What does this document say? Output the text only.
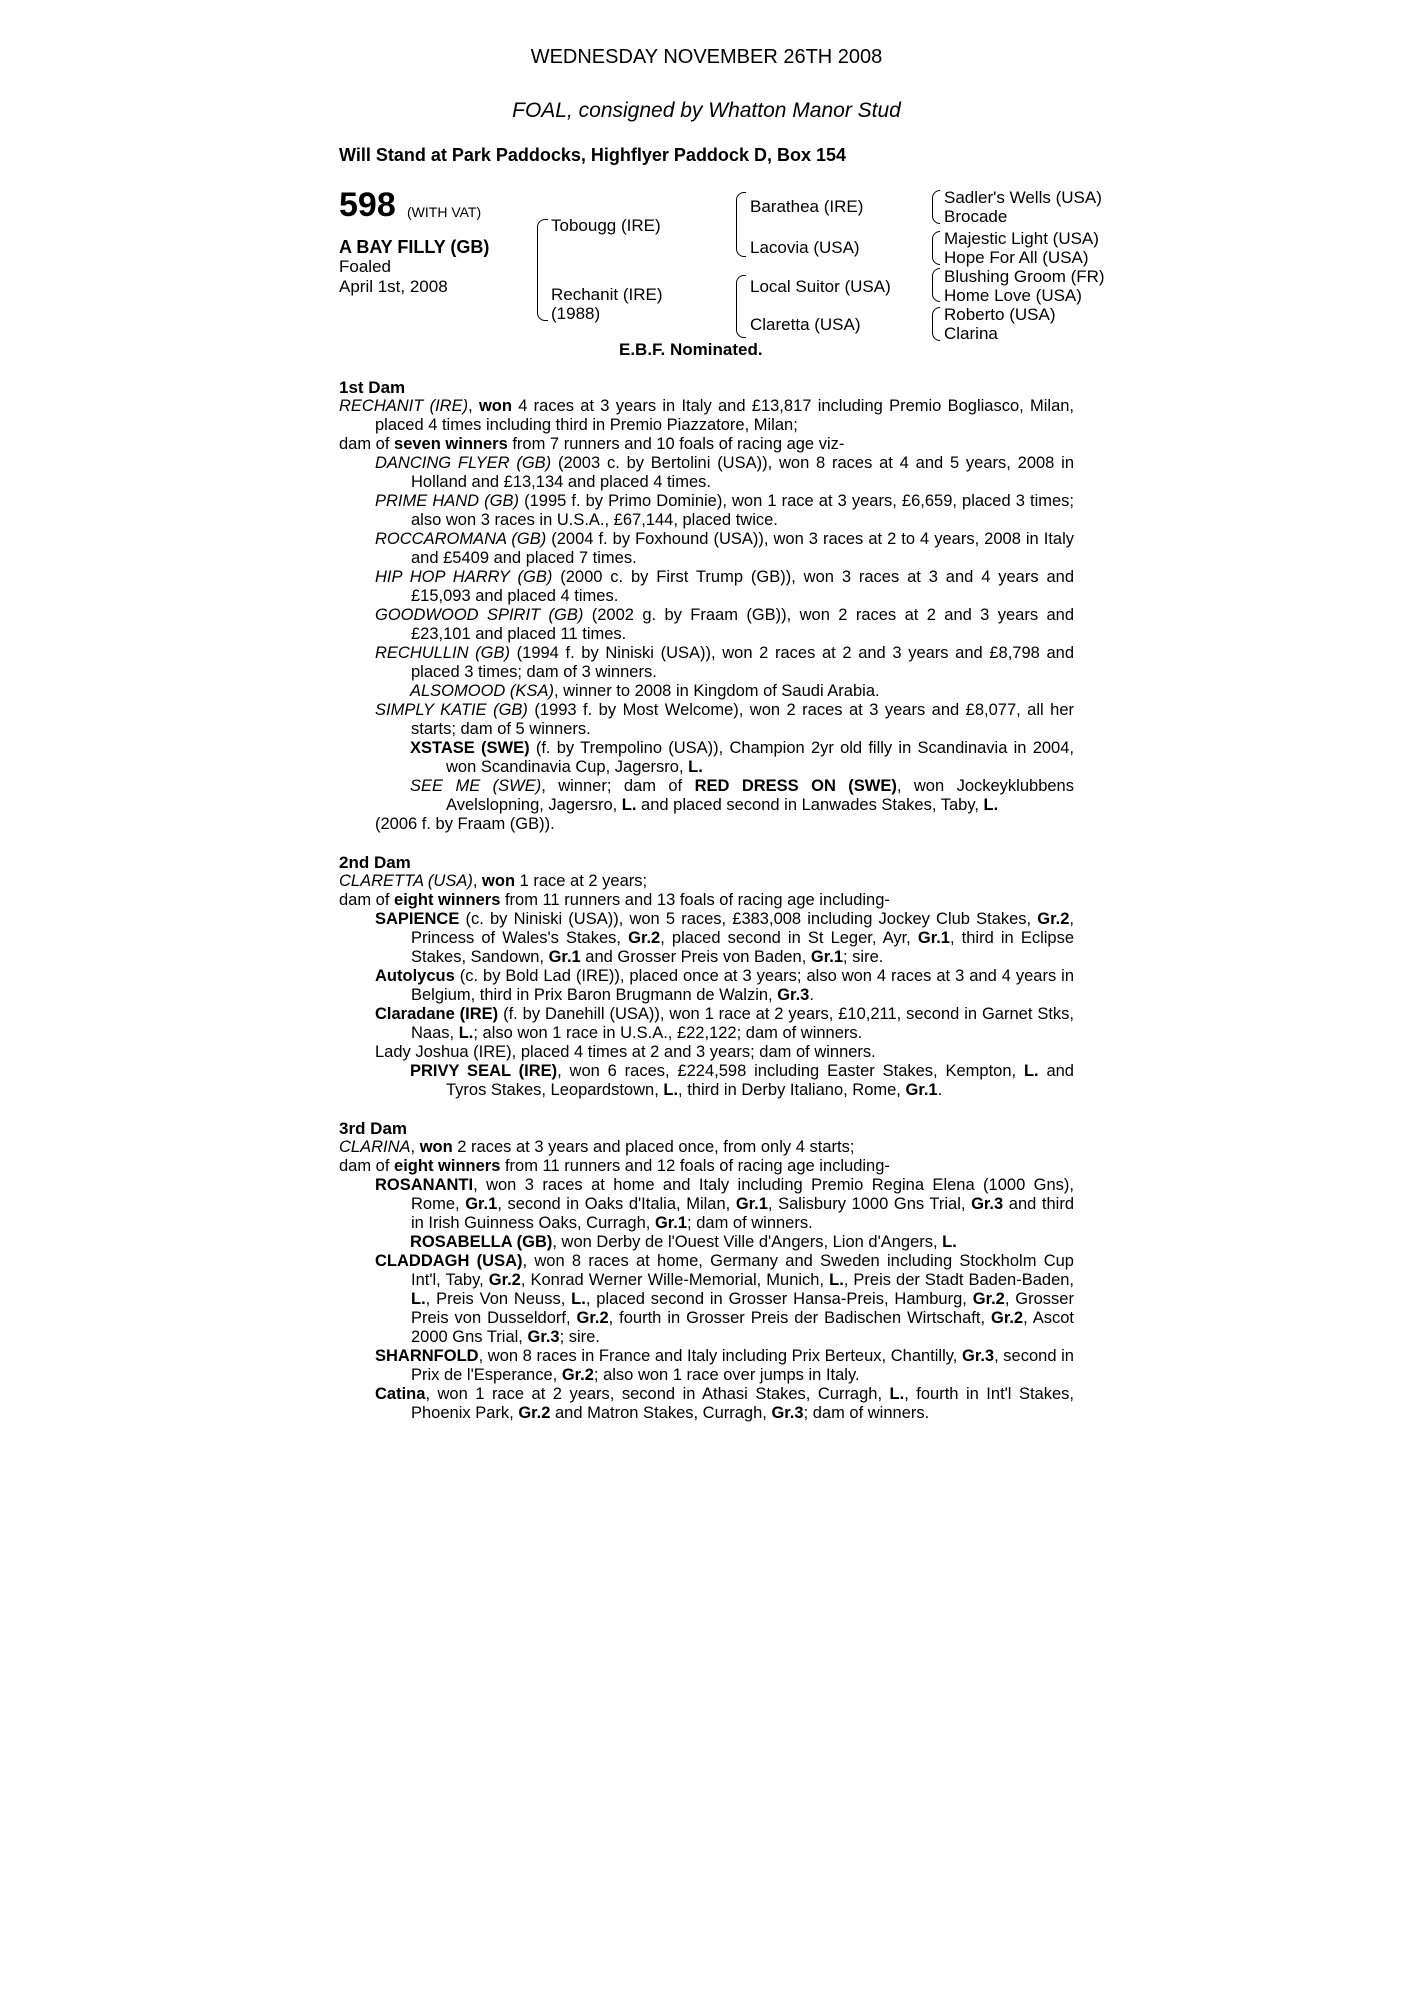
WEDNESDAY NOVEMBER 26TH 2008
FOAL, consigned by Whatton Manor Stud
Will Stand at Park Paddocks, Highflyer Paddock D, Box 154
598 (WITH VAT)
A BAY FILLY (GB)
Foaled
April 1st, 2008
Tobougg (IRE)
Rechanit (IRE)
(1988)
Barathea (IRE)
Lacovia (USA)
Local Suitor (USA)
Claretta (USA)
Sadler's Wells (USA)
Brocade
Majestic Light (USA)
Hope For All (USA)
Blushing Groom (FR)
Home Love (USA)
Roberto (USA)
Clarina
E.B.F. Nominated.
1st Dam
RECHANIT (IRE), won 4 races at 3 years in Italy and £13,817 including Premio Bogliasco, Milan, placed 4 times including third in Premio Piazzatore, Milan;
dam of seven winners from 7 runners and 10 foals of racing age viz-
DANCING FLYER (GB) (2003 c. by Bertolini (USA)), won 8 races at 4 and 5 years, 2008 in Holland and £13,134 and placed 4 times.
PRIME HAND (GB) (1995 f. by Primo Dominie), won 1 race at 3 years, £6,659, placed 3 times; also won 3 races in U.S.A., £67,144, placed twice.
ROCCAROMANA (GB) (2004 f. by Foxhound (USA)), won 3 races at 2 to 4 years, 2008 in Italy and £5409 and placed 7 times.
HIP HOP HARRY (GB) (2000 c. by First Trump (GB)), won 3 races at 3 and 4 years and £15,093 and placed 4 times.
GOODWOOD SPIRIT (GB) (2002 g. by Fraam (GB)), won 2 races at 2 and 3 years and £23,101 and placed 11 times.
RECHULLIN (GB) (1994 f. by Niniski (USA)), won 2 races at 2 and 3 years and £8,798 and placed 3 times; dam of 3 winners.
ALSOMOOD (KSA), winner to 2008 in Kingdom of Saudi Arabia.
SIMPLY KATIE (GB) (1993 f. by Most Welcome), won 2 races at 3 years and £8,077, all her starts; dam of 5 winners.
XSTASE (SWE) (f. by Trempolino (USA)), Champion 2yr old filly in Scandinavia in 2004, won Scandinavia Cup, Jagersro, L.
SEE ME (SWE), winner; dam of RED DRESS ON (SWE), won Jockeyklubbens Avelslopning, Jagersro, L. and placed second in Lanwades Stakes, Taby, L.
(2006 f. by Fraam (GB)).
2nd Dam
CLARETTA (USA), won 1 race at 2 years;
dam of eight winners from 11 runners and 13 foals of racing age including-
SAPIENCE (c. by Niniski (USA)), won 5 races, £383,008 including Jockey Club Stakes, Gr.2, Princess of Wales's Stakes, Gr.2, placed second in St Leger, Ayr, Gr.1, third in Eclipse Stakes, Sandown, Gr.1 and Grosser Preis von Baden, Gr.1; sire.
Autolycus (c. by Bold Lad (IRE)), placed once at 3 years; also won 4 races at 3 and 4 years in Belgium, third in Prix Baron Brugmann de Walzin, Gr.3.
Claradane (IRE) (f. by Danehill (USA)), won 1 race at 2 years, £10,211, second in Garnet Stks, Naas, L.; also won 1 race in U.S.A., £22,122; dam of winners.
Lady Joshua (IRE), placed 4 times at 2 and 3 years; dam of winners.
PRIVY SEAL (IRE), won 6 races, £224,598 including Easter Stakes, Kempton, L. and Tyros Stakes, Leopardstown, L., third in Derby Italiano, Rome, Gr.1.
3rd Dam
CLARINA, won 2 races at 3 years and placed once, from only 4 starts;
dam of eight winners from 11 runners and 12 foals of racing age including-
ROSANANTI, won 3 races at home and Italy including Premio Regina Elena (1000 Gns), Rome, Gr.1, second in Oaks d'Italia, Milan, Gr.1, Salisbury 1000 Gns Trial, Gr.3 and third in Irish Guinness Oaks, Curragh, Gr.1; dam of winners.
ROSABELLA (GB), won Derby de l'Ouest Ville d'Angers, Lion d'Angers, L.
CLADDAGH (USA), won 8 races at home, Germany and Sweden including Stockholm Cup Int'l, Taby, Gr.2, Konrad Werner Wille-Memorial, Munich, L., Preis der Stadt Baden-Baden, L., Preis Von Neuss, L., placed second in Grosser Hansa-Preis, Hamburg, Gr.2, Grosser Preis von Dusseldorf, Gr.2, fourth in Grosser Preis der Badischen Wirtschaft, Gr.2, Ascot 2000 Gns Trial, Gr.3; sire.
SHARNFOLD, won 8 races in France and Italy including Prix Berteux, Chantilly, Gr.3, second in Prix de l'Esperance, Gr.2; also won 1 race over jumps in Italy.
Catina, won 1 race at 2 years, second in Athasi Stakes, Curragh, L., fourth in Int'l Stakes, Phoenix Park, Gr.2 and Matron Stakes, Curragh, Gr.3; dam of winners.
